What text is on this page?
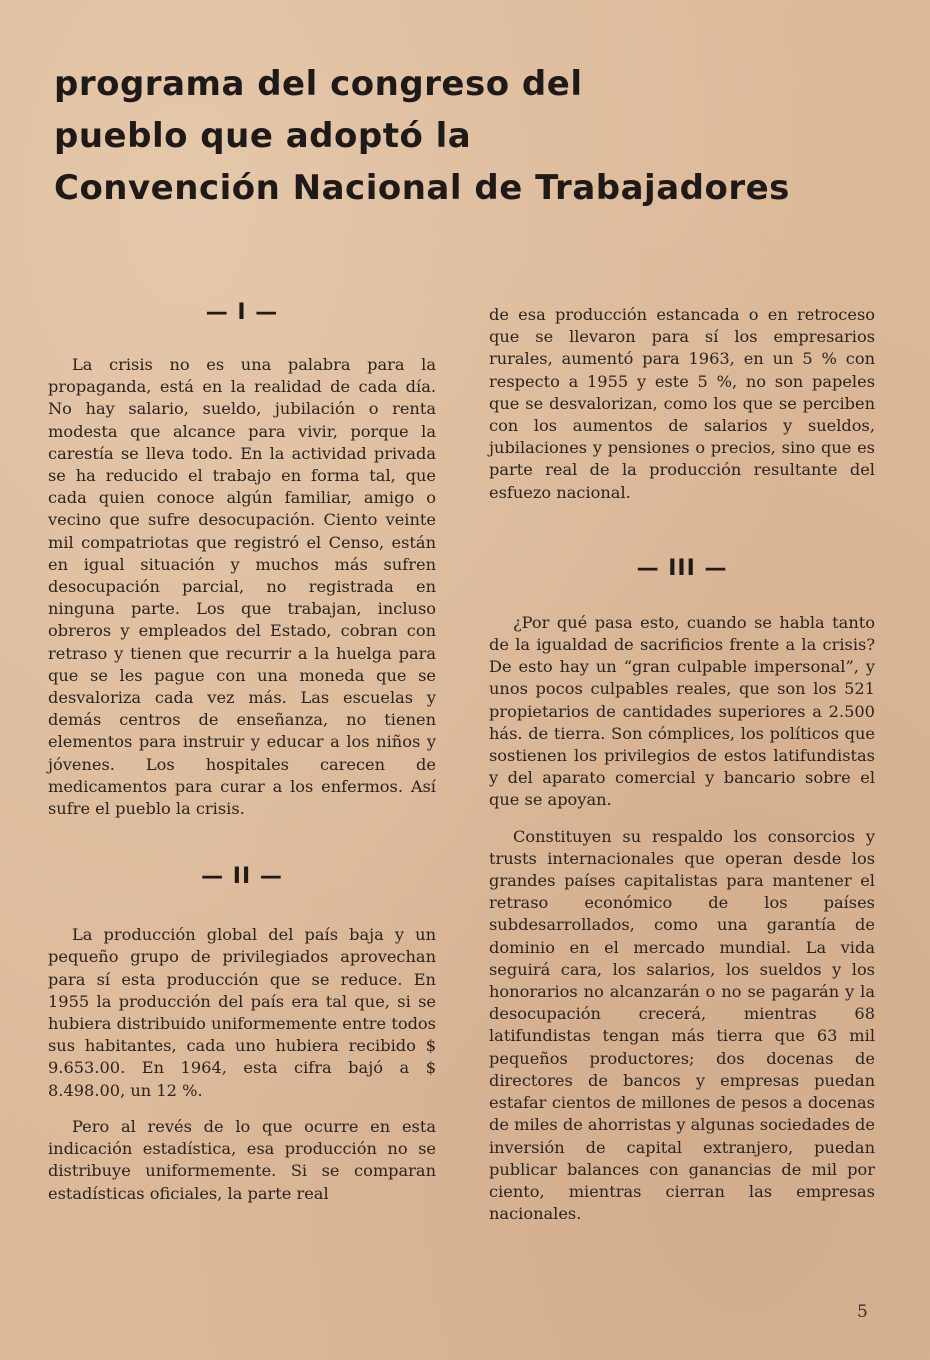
programa del congreso del
pueblo que adoptó la
Convención Nacional de Trabajadores
— I —

La crisis no es una palabra para la propaganda, está en la realidad de cada día. No hay salario, sueldo, jubilación o renta modesta que alcance para vivir, porque la carestía se lleva todo. En la actividad privada se ha reducido el trabajo en forma tal, que cada quien conoce algún familiar, amigo o vecino que sufre desocupación. Ciento veinte mil compatriotas que registró el Censo, están en igual situación y muchos más sufren desocupación parcial, no registrada en ninguna parte. Los que trabajan, incluso obreros y empleados del Estado, cobran con retraso y tienen que recurrir a la huelga para que se les pague con una moneda que se desvaloriza cada vez más. Las escuelas y demás centros de enseñanza, no tienen elementos para instruir y educar a los niños y jóvenes. Los hospitales carecen de medicamentos para curar a los enfermos. Así sufre el pueblo la crisis.

— II —

La producción global del país baja y un pequeño grupo de privilegiados aprovechan para sí esta producción que se reduce. En 1955 la producción del país era tal que, si se hubiera distribuido uniformemente entre todos sus habitantes, cada uno hubiera recibido $ 9.653.00. En 1964, esta cifra bajó a $ 8.498.00, un 12 %.

Pero al revés de lo que ocurre en esta indicación estadística, esa producción no se distribuye uniformemente. Si se comparan estadísticas oficiales, la parte real

de esa producción estancada o en retroceso que se llevaron para sí los empresarios rurales, aumentó para 1963, en un 5 % con respecto a 1955 y este 5 %, no son papeles que se desvalorizan, como los que se perciben con los aumentos de salarios y sueldos, jubilaciones y pensiones o precios, sino que es parte real de la producción resultante del esfuezo nacional.

— III —

¿Por qué pasa esto, cuando se habla tanto de la igualdad de sacrificios frente a la crisis? De esto hay un “gran culpable impersonal”, y unos pocos culpables reales, que son los 521 propietarios de cantidades superiores a 2.500 hás. de tierra. Son cómplices, los políticos que sostienen los privilegios de estos latifundistas y del aparato comercial y bancario sobre el que se apoyan.

Constituyen su respaldo los consorcios y trusts internacionales que operan desde los grandes países capitalistas para mantener el retraso económico de los países subdesarrollados, como una garantía de dominio en el mercado mundial. La vida seguirá cara, los salarios, los sueldos y los honorarios no alcanzarán o no se pagarán y la desocupación crecerá, mientras 68 latifundistas tengan más tierra que 63 mil pequeños productores; dos docenas de directores de bancos y empresas puedan estafar cientos de millones de pesos a docenas de miles de ahorristas y algunas sociedades de inversión de capital extranjero, puedan publicar balances con ganancias de mil por ciento, mientras cierran las empresas nacionales.

5
